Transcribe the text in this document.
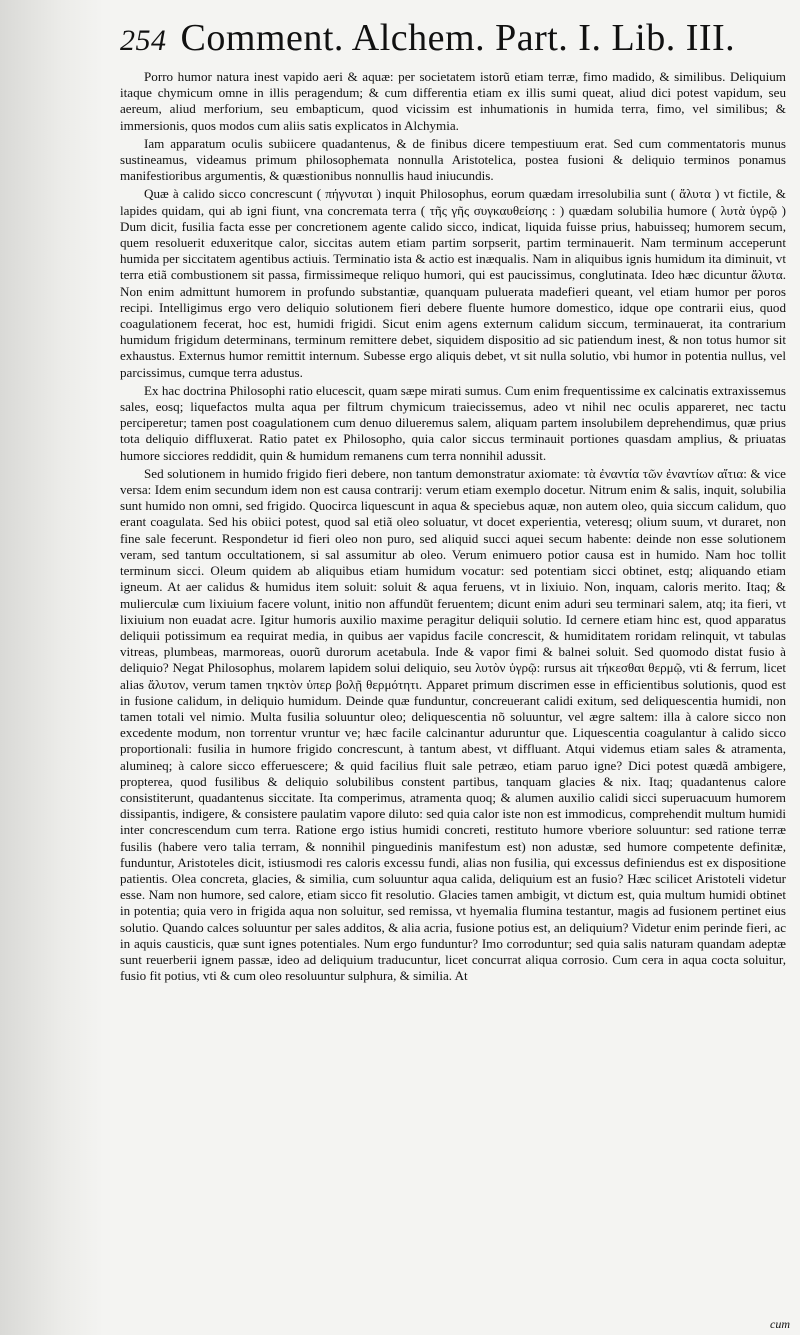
254 Comment. Alchem. Part. I. Lib. III.

Porro humor natura inest vapido aeri & aquæ: per societatem istorũ etiam terræ, fimo madido, & similibus. Deliquium itaque chymicum omne in illis peragendum; & cum differentia etiam ex illis sumi queat, aliud dici potest vapidum, seu aereum, aliud merforium, seu embapticum, quod vicissim est inhumationis in humida terra, fimo, vel similibus; & immersionis, quos modos cum aliis satis explicatos in Alchymia.

Iam apparatum oculis subiicere quadantenus, & de finibus dicere tempestiuum erat. Sed cum commentatoris munus sustineamus, videamus primum philosophemata nonnulla Aristotelica, postea fusioni & deliquio terminos ponamus manifestioribus argumentis, & quæstionibus nonnullis haud iniucundis.

Quæ à calido sicco concrescunt ( πήγνυται ) inquit Philosophus, eorum quædam irresolubilia sunt ( ἄλυτα ) vt fictile, & lapides quidam, qui ab igni fiunt, vna concremata terra ( τῆς γῆς συγκαυθείσης : ) quædam solubilia humore ( λυτὰ ὑγρῷ ) Dum dicit, fusilia facta esse per concretionem agente calido sicco, indicat, liquida fuisse prius, habuisseq; humorem secum, quem resoluerit eduxeritque calor, siccitas autem etiam partim sorpserit, partim terminauerit. Nam terminum acceperunt humida per siccitatem agentibus actiuis. Terminatio ista & actio est inæqualis. Nam in aliquibus ignis humidum ita diminuit, vt terra etiã combustionem sit passa, firmissimeque reliquo humori, qui est paucissimus, conglutinata. Ideo hæc dicuntur ἄλυτα. Non enim admittunt humorem in profundo substantiæ, quanquam puluerata madefieri queant, vel etiam humor per poros recipi. Intelligimus ergo vero deliquio solutionem fieri debere fluente humore domestico, idque ope contrarii eius, quod coagulationem fecerat, hoc est, humidi frigidi. Sicut enim agens externum calidum siccum, terminauerat, ita contrarium humidum frigidum determinans, terminum remittere debet, siquidem dispositio ad sic patiendum inest, & non totus humor sit exhaustus. Externus humor remittit internum. Subesse ergo aliquis debet, vt sit nulla solutio, vbi humor in potentia nullus, vel parcissimus, cumque terra adustus.

Ex hac doctrina Philosophi ratio elucescit, quam sæpe mirati sumus. Cum enim frequentissime ex calcinatis extraxissemus sales, eosq; liquefactos multa aqua per filtrum chymicum traiecissemus, adeo vt nihil nec oculis appareret, nec tactu perciperetur; tamen post coagulationem cum denuo dilueremus salem, aliquam partem insolubilem deprehendimus, quæ prius tota deliquio diffluxerat. Ratio patet ex Philosopho, quia calor siccus terminauit portiones quasdam amplius, & priuatas humore sicciores reddidit, quin & humidum remanens cum terra nonnihil adussit.

Sed solutionem in humido frigido fieri debere, non tantum demonstratur axiomate: τὰ ἐναντία τῶν ἐναντίων αἴτια: & vice versa: Idem enim secundum idem non est causa contrarij: verum etiam exemplo docetur. Nitrum enim & salis, inquit, solubilia sunt humido non omni, sed frigido. Quocirca liquescunt in aqua & speciebus aquæ, non autem oleo, quia siccum calidum, quo erant coagulata. Sed his obiici potest, quod sal etiã oleo soluatur, vt docet experientia, veteresq; olium suum, vt duraret, non fine sale fecerunt. Respondetur id fieri oleo non puro, sed aliquid succi aquei secum habente: deinde non esse solutionem veram, sed tantum occultationem, si sal assumitur ab oleo. Verum enimuero potior causa est in humido. Nam hoc tollit terminum sicci. Oleum quidem ab aliquibus etiam humidum vocatur: sed potentiam sicci obtinet, estq; aliquando etiam igneum. At aer calidus & humidus item soluit: soluit & aqua feruens, vt in lixiuio. Non, inquam, caloris merito. Itaq; & mulierculæ cum lixiuium facere volunt, initio non affundũt feruentem; dicunt enim aduri seu terminari salem, atq; ita fieri, vt lixiuium non euadat acre. Igitur humoris auxilio maxime peragitur deliquii solutio. Id cernere etiam hinc est, quod apparatus deliquii potissimum ea requirat media, in quibus aer vapidus facile concrescit, & humiditatem roridam relinquit, vt tabulas vitreas, plumbeas, marmoreas, ouorũ durorum acetabula. Inde & vapor fimi & balnei soluit. Sed quomodo distat fusio à deliquio? Negat Philosophus, molarem lapidem solui deliquio, seu λυτὸν ὑγρῷ: rursus ait τήκεσθαι θερμῷ, vti & ferrum, licet alias ἄλυτον, verum tamen τηκτὸν ὑπερ βολῇ θερμότητι. Apparet primum discrimen esse in efficientibus solutionis, quod est in fusione calidum, in deliquio humidum. Deinde quæ funduntur, concreuerant calidi exitum, sed deliquescentia humidi, non tamen totali vel nimio. Multa fusilia soluuntur oleo; deliquescentia nõ soluuntur, vel ægre saltem: illa à calore sicco non excedente modum, non torrentur vruntur ve; hæc facile calcinantur aduruntur que. Liquescentia coagulantur à calido sicco proportionali: fusilia in humore frigido concrescunt, à tantum abest, vt diffluant. Atqui videmus etiam sales & atramenta, alumineq; à calore sicco efferuescere; & quid facilius fluit sale petræo, etiam paruo igne? Dici potest quædã ambigere, propterea, quod fusilibus & deliquio solubilibus constent partibus, tanquam glacies & nix. Itaq; quadantenus calore consistiterunt, quadantenus siccitate. Ita comperimus, atramenta quoq; & alumen auxilio calidi sicci superuacuum humorem dissipantis, indigere, & consistere paulatim vapore diluto: sed quia calor iste non est immodicus, comprehendit multum humidi inter concrescendum cum terra. Ratione ergo istius humidi concreti, restituto humore vberiore soluuntur: sed ratione terræ fusilis (habere vero talia terram, & nonnihil pinguedinis manifestum est) non adustæ, sed humore competente definitæ, funduntur, Aristoteles dicit, istiusmodi res caloris excessu fundi, alias non fusilia, qui excessus definiendus est ex dispositione patientis. Olea concreta, glacies, & similia, cum soluuntur aqua calida, deliquium est an fusio? Hæc scilicet Aristoteli videtur esse. Nam non humore, sed calore, etiam sicco fit resolutio. Glacies tamen ambigit, vt dictum est, quia multum humidi obtinet in potentia; quia vero in frigida aqua non soluitur, sed remissa, vt hyemalia flumina testantur, magis ad fusionem pertinet eius solutio. Quando calces soluuntur per sales additos, & alia acria, fusione potius est, an deliquium? Videtur enim perinde fieri, ac in aquis causticis, quæ sunt ignes potentiales. Num ergo funduntur? Imo corroduntur; sed quia salis naturam quandam adeptæ sunt reuerberii ignem passæ, ideo ad deliquium traducuntur, licet concurrat aliqua corrosio. Cum cera in aqua cocta soluitur, fusio fit potius, vti & cum oleo resoluuntur sulphura, & similia. At

cum
